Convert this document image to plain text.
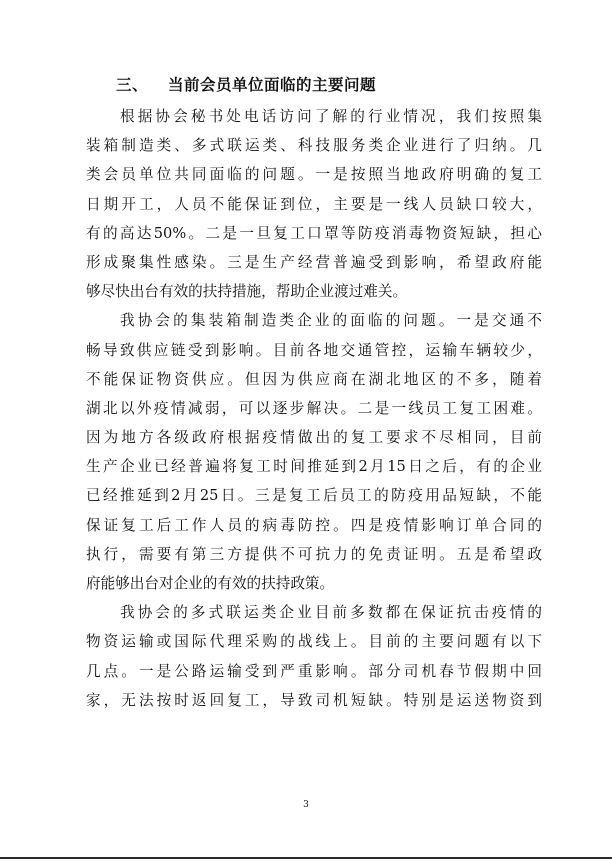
三、 当前会员单位面临的主要问题
根据协会秘书处电话访问了解的行业情况，我们按照集
装箱制造类、多式联运类、科技服务类企业进行了归纳。几
类会员单位共同面临的问题。一是按照当地政府明确的复工
日期开工，人员不能保证到位，主要是一线人员缺口较大，
有的高达50%。二是一旦复工口罩等防疫消毒物资短缺，担心
形成聚集性感染。三是生产经营普遍受到影响，希望政府能
够尽快出台有效的扶持措施，帮助企业渡过难关。
我协会的集装箱制造类企业的面临的问题。一是交通不
畅导致供应链受到影响。目前各地交通管控，运输车辆较少，
不能保证物资供应。但因为供应商在湖北地区的不多，随着
湖北以外疫情减弱，可以逐步解决。二是一线员工复工困难。
因为地方各级政府根据疫情做出的复工要求不尽相同，目前
生产企业已经普遍将复工时间推延到2月15日之后，有的企业
已经推延到2月25日。三是复工后员工的防疫用品短缺，不能
保证复工后工作人员的病毒防控。四是疫情影响订单合同的
执行，需要有第三方提供不可抗力的免责证明。五是希望政
府能够出台对企业的有效的扶持政策。
我协会的多式联运类企业目前多数都在保证抗击疫情的
物资运输或国际代理采购的战线上。目前的主要问题有以下
几点。一是公路运输受到严重影响。部分司机春节假期中回
家，无法按时返回复工，导致司机短缺。特别是运送物资到
3
